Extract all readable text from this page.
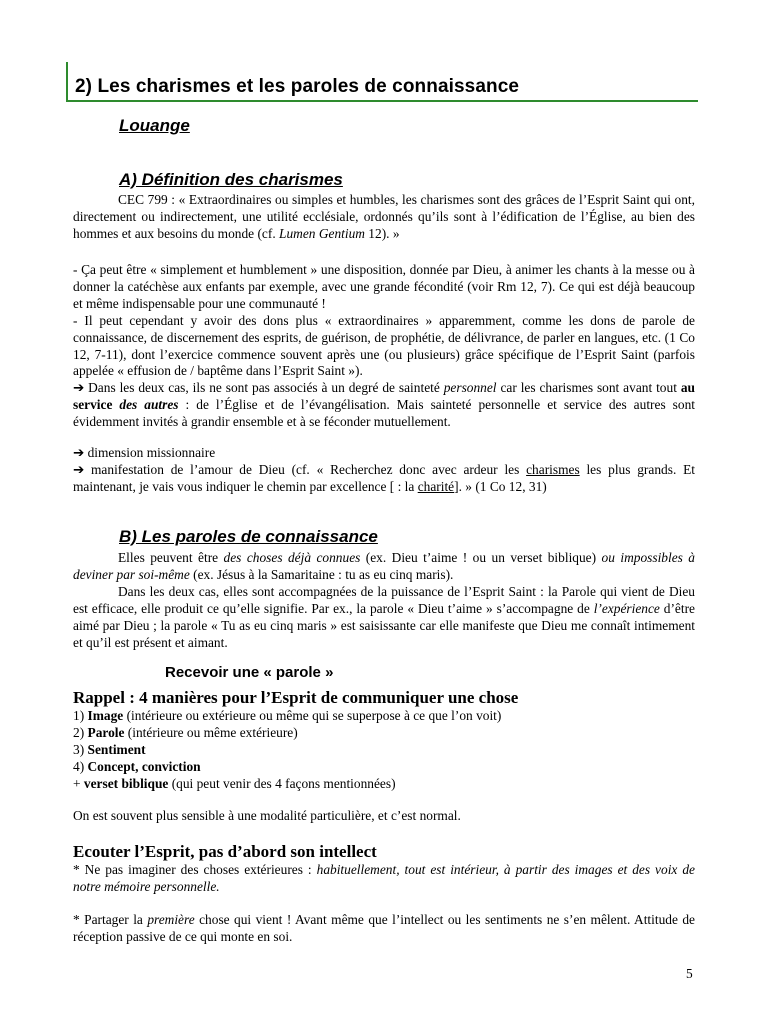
2) Les charismes et les paroles de connaissance
Louange
A) Définition des charismes

CEC 799 : « Extraordinaires ou simples et humbles, les charismes sont des grâces de l’Esprit Saint qui ont, directement ou indirectement, une utilité ecclésiale, ordonnés qu’ils sont à l’édification de l’Église, au bien des hommes et aux besoins du monde (cf. Lumen Gentium 12). »

- Ça peut être « simplement et humblement » une disposition, donnée par Dieu, à animer les chants à la messe ou à donner la catéchèse aux enfants par exemple, avec une grande fécondité (voir Rm 12, 7). Ce qui est déjà beaucoup et même indispensable pour une communauté !

- Il peut cependant y avoir des dons plus « extraordinaires » apparemment, comme les dons de parole de connaissance, de discernement des esprits, de guérison, de prophétie, de délivrance, de parler en langues, etc. (1 Co 12, 7-11), dont l’exercice commence souvent après une (ou plusieurs) grâce spécifique de l’Esprit Saint (parfois appelée « effusion de / baptême dans l’Esprit Saint »).

➔ Dans les deux cas, ils ne sont pas associés à un degré de sainteté personnel car les charismes sont avant tout au service des autres : de l’Église et de l’évangélisation. Mais sainteté personnelle et service des autres sont évidemment invités à grandir ensemble et à se féconder mutuellement.

➔ dimension missionnaire

➔ manifestation de l’amour de Dieu (cf. « Recherchez donc avec ardeur les charismes les plus grands. Et maintenant, je vais vous indiquer le chemin par excellence [ : la charité]. » (1 Co 12, 31)

B) Les paroles de connaissance

Elles peuvent être des choses déjà connues (ex. Dieu t’aime ! ou un verset biblique) ou impossibles à deviner par soi-même (ex. Jésus à la Samaritaine : tu as eu cinq maris).

Dans les deux cas, elles sont accompagnées de la puissance de l’Esprit Saint : la Parole qui vient de Dieu est efficace, elle produit ce qu’elle signifie. Par ex., la parole « Dieu t’aime » s’accompagne de l’expérience d’être aimé par Dieu ; la parole « Tu as eu cinq maris » est saisissante car elle manifeste que Dieu me connaît intimement et qu’il est présent et aimant.

Recevoir une « parole »
Rappel : 4 manières pour l’Esprit de communiquer une chose

1) Image (intérieure ou extérieure ou même qui se superpose à ce que l’on voit)

2) Parole (intérieure ou même extérieure)

3) Sentiment

4) Concept, conviction

+ verset biblique (qui peut venir des 4 façons mentionnées)

On est souvent plus sensible à une modalité particulière, et c’est normal.

Ecouter l’Esprit, pas d’abord son intellect

* Ne pas imaginer des choses extérieures : habituellement, tout est intérieur, à partir des images et des voix de notre mémoire personnelle.

* Partager la première chose qui vient ! Avant même que l’intellect ou les sentiments ne s’en mêlent. Attitude de réception passive de ce qui monte en soi.

5
